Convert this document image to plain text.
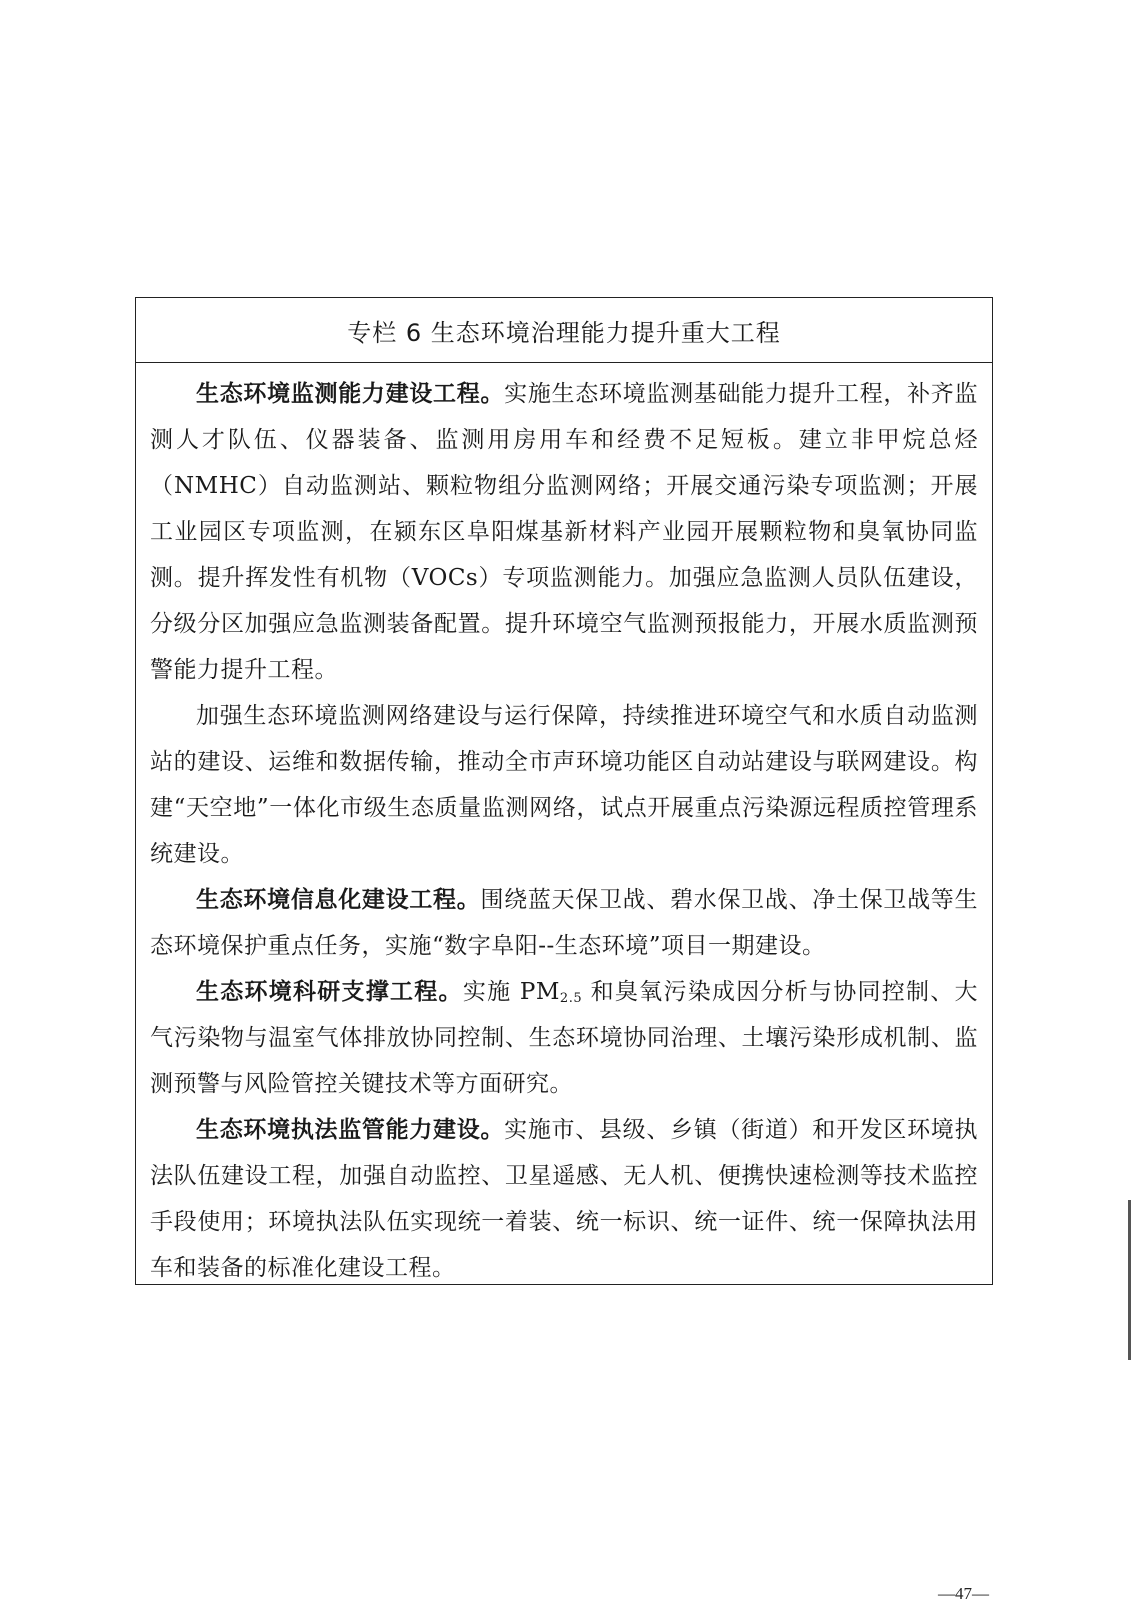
专栏 6 生态环境治理能力提升重大工程

生态环境监测能力建设工程。实施生态环境监测基础能力提升工程，补齐监测人才队伍、仪器装备、监测用房用车和经费不足短板。建立非甲烷总烃（NMHC）自动监测站、颗粒物组分监测网络；开展交通污染专项监测；开展工业园区专项监测，在颍东区阜阳煤基新材料产业园开展颗粒物和臭氧协同监测。提升挥发性有机物（VOCs）专项监测能力。加强应急监测人员队伍建设，分级分区加强应急监测装备配置。提升环境空气监测预报能力，开展水质监测预警能力提升工程。

加强生态环境监测网络建设与运行保障，持续推进环境空气和水质自动监测站的建设、运维和数据传输，推动全市声环境功能区自动站建设与联网建设。构建“天空地”一体化市级生态质量监测网络，试点开展重点污染源远程质控管理系统建设。

生态环境信息化建设工程。围绕蓝天保卫战、碧水保卫战、净土保卫战等生态环境保护重点任务，实施“数字阜阳--生态环境”项目一期建设。

生态环境科研支撑工程。实施 $PM_{2.5}$ 和臭氧污染成因分析与协同控制、大气污染物与温室气体排放协同控制、生态环境协同治理、土壤污染形成机制、监测预警与风险管控关键技术等方面研究。

生态环境执法监管能力建设。实施市、县级、乡镇（街道）和开发区环境执法队伍建设工程，加强自动监控、卫星遥感、无人机、便携快速检测等技术监控手段使用；环境执法队伍实现统一着装、统一标识、统一证件、统一保障执法用车和装备的标准化建设工程。

—47—
